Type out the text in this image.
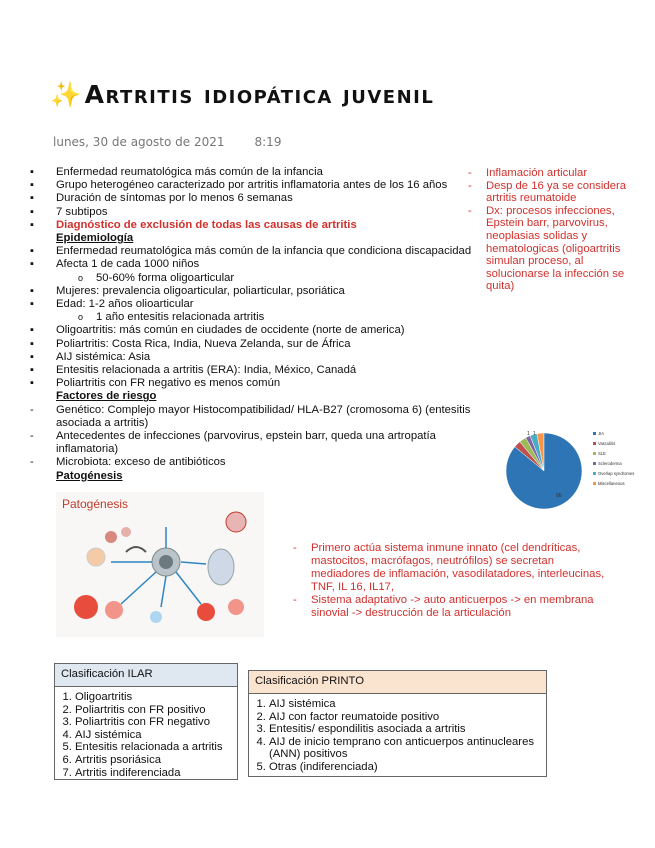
✨Artritis idiopática juvenil
lunes, 30 de agosto de 2021	8:19
▪ Enfermedad reumatológica más común de la infancia
▪ Grupo heterogéneo caracterizado por artritis inflamatoria antes de los 16 años
▪ Duración de síntomas por lo menos 6 semanas
▪ 7 subtipos
▪ Diagnóstico de exclusión de todas las causas de artritis
Epidemiología
▪ Enfermedad reumatológica más común de la infancia que condiciona discapacidad
▪ Afecta 1 de cada 1000 niños
o 50-60% forma oligoarticular
▪ Mujeres: prevalencia oligoarticular, poliarticular, psoriática
▪ Edad: 1-2 años olioarticular
o 1 año entesitis relacionada artritis
▪ Oligoartritis: más común en ciudades de occidente (norte de america)
▪ Poliartritis: Costa Rica, India, Nueva Zelanda, sur de África
▪ AIJ sistémica: Asia
▪ Entesitis relacionada a artritis (ERA): India, México, Canadá
▪ Poliartritis con FR negativo es menos común
Factores de riesgo
- Genético: Complejo mayor Histocompatibilidad/ HLA-B27 (cromosoma 6) (entesitis
asociada a artritis)
- Antecedentes de infecciones (parvovirus, epstein barr, queda una artropatía
inflamatoria)
- Microbiota: exceso de antibióticos
Patogénesis
- Inflamación articular
- Desp de 16 ya se considera artritis reumatoide
- Dx: procesos infecciones, Epstein barr, parvovirus, neoplasias solidas y hematologicas (oligoartritis simulan proceso, al solucionarse la infección se quita)
1 1
86
JIA
Vasculitis
SLE
Scleroderma
Overlap syndromes
Miscellaneous
Patogénesis
- Primero actúa sistema inmune innato (cel dendríticas, mastocitos, macrófagos, neutrófilos) se secretan mediadores de inflamación, vasodilatadores, interleucinas, TNF, IL 16, IL17,
- Sistema adaptativo -> auto anticuerpos -> en membrana sinovial -> destrucción de la articulación
Clasificación ILAR
1. Oligoartritis
2. Poliartritis con FR positivo
3. Poliartritis con FR negativo
4. AIJ sistémica
5. Entesitis relacionada a artritis
6. Artritis psoriásica
7. Artritis indiferenciada
Clasificación PRINTO
1. AIJ sistémica
2. AIJ con factor reumatoide positivo
3. Entesitis/ espondilitis asociada a artritis
4. AIJ de inicio temprano con anticuerpos antinucleares (ANN) positivos
5. Otras (indiferenciada)
